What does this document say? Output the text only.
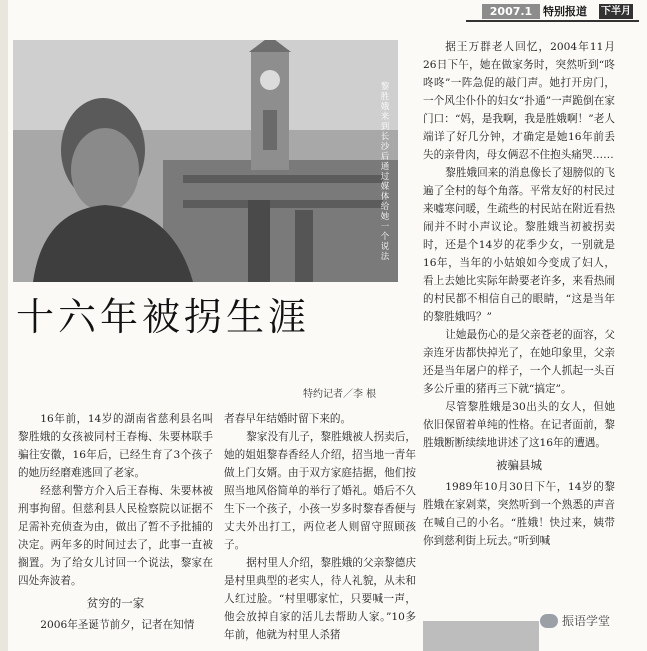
2007.1 特别报道 下半月
黎胜娥来到长沙后通过媒体给她一个说法
十六年被拐生涯
特约记者／李 根

16年前，14岁的湖南省慈利县名叫黎胜娥的女孩被同村王春梅、朱要林联手骗往安徽，16年后，已经生育了3个孩子的她历经磨难逃回了老家。

经慈利警方介入后王春梅、朱要林被刑事拘留。但慈利县人民检察院以证据不足需补充侦查为由，做出了暂不予批捕的决定。两年多的时间过去了，此事一直被搁置。为了给女儿讨回一个说法，黎家在四处奔波着。

贫穷的一家

2006年圣诞节前夕，记者在知情

者春早年结婚时留下来的。

黎家没有儿子，黎胜娥被人拐卖后，她的姐姐黎春香经人介绍，招当地一青年做上门女婿。由于双方家庭拮据，他们按照当地风俗简单的举行了婚礼。婚后不久生下一个孩子，小孩一岁多时黎春香便与丈夫外出打工，两位老人则留守照顾孩子。

据村里人介绍，黎胜娥的父亲黎德庆是村里典型的老实人，待人礼貌，从未和人红过脸。“村里哪家忙，只要喊一声，他会放掉自家的活儿去帮助人家。”10多年前，他就为村里人杀猪

据王万群老人回忆，2004年11月26日下午，她在做家务时，突然听到“咚咚咚”一阵急促的敲门声。她打开房门，一个风尘仆仆的妇女“扑通”一声跪倒在家门口：“妈，是我啊，我是胜娥啊！”老人端详了好几分钟，才确定是她16年前丢失的亲骨肉，母女俩忍不住抱头痛哭……

黎胜娥回来的消息像长了翅膀似的飞遍了全村的每个角落。平常友好的村民过来嘘寒问暖，生疏些的村民站在附近看热闹并不时小声议论。黎胜娥当初被拐卖时，还是个14岁的花季少女，一别就是16年，当年的小姑娘如今变成了妇人，看上去她比实际年龄要老许多，来看热闹的村民都不相信自己的眼睛，“这是当年的黎胜娥吗？”

让她最伤心的是父亲苍老的面容，父亲连牙齿都快掉光了，在她印象里，父亲还是当年屠户的样子，一个人抓起一头百多公斤重的猪再三下就“搞定”。

尽管黎胜娥是30出头的女人，但她依旧保留着单纯的性格。在记者面前，黎胜娥断断续续地讲述了这16年的遭遇。

被骗县城

1989年10月30日下午，14岁的黎胜娥在家剁菜，突然听到一个熟悉的声音在喊自己的小名。“胜娥！快过来，姨带你到慈利街上玩去。”听到喊

振语学堂
